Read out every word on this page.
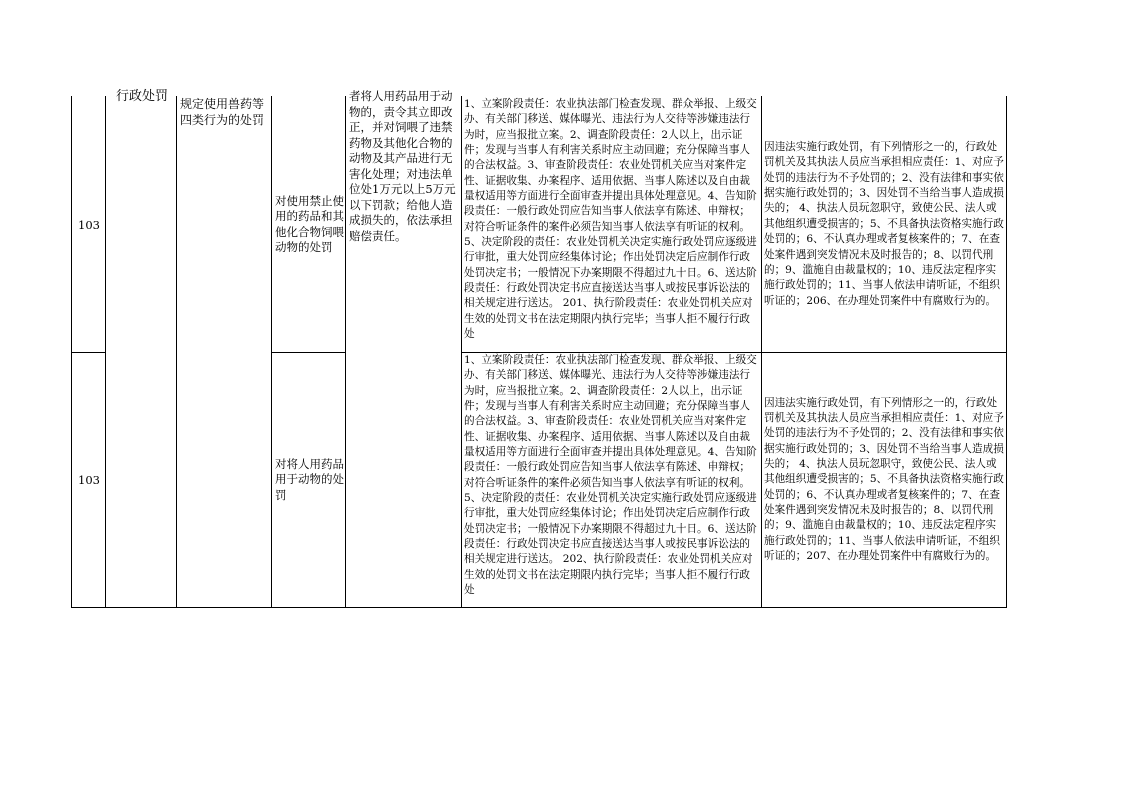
103
行政处罚 规定使用兽药等四类行为的处罚
对使用禁止使用的药品和其他化合物饲喂动物的处罚
者将人用药品用于动物的，责令其立即改正，并对饲喂了违禁药物及其他化合物的动物及其产品进行无害化处理；对违法单位处1万元以上5万元以下罚款；给他人造成损失的，依法承担赔偿责任。
1、立案阶段责任：农业执法部门检查发现、群众举报、上级交办、有关部门移送、媒体曝光、违法行为人交待等涉嫌违法行为时，应当报批立案。2、调查阶段责任：2人以上，出示证件；发现与当事人有利害关系时应主动回避；充分保障当事人的合法权益。3、审查阶段责任：农业处罚机关应当对案件定性、证据收集、办案程序、适用依据、当事人陈述以及自由裁量权适用等方面进行全面审查并提出具体处理意见。4、告知阶段责任：一般行政处罚应告知当事人依法享有陈述、申辩权；对符合听证条件的案件必须告知当事人依法享有听证的权利。5、决定阶段的责任：农业处罚机关决定实施行政处罚应逐级进行审批，重大处罚应经集体讨论；作出处罚决定后应制作行政处罚决定书；一般情况下办案期限不得超过九十日。6、送达阶段责任：行政处罚决定书应直接送达当事人或按民事诉讼法的相关规定进行送达。 201、执行阶段责任：农业处罚机关应对生效的处罚文书在法定期限内执行完毕；当事人拒不履行行政处
因违法实施行政处罚，有下列情形之一的，行政处罚机关及其执法人员应当承担相应责任：1、对应予处罚的违法行为不予处罚的；2、没有法律和事实依据实施行政处罚的；3、因处罚不当给当事人造成损失的； 4、执法人员玩忽职守，致使公民、法人或其他组织遭受损害的；5、不具备执法资格实施行政处罚的；6、不认真办理或者复核案件的；7、在查处案件遇到突发情况未及时报告的；8、以罚代刑的；9、滥施自由裁量权的；10、违反法定程序实施行政处罚的；11、当事人依法申请听证，不组织听证的；206、在办理处罚案件中有腐败行为的。
103
对将人用药品用于动物的处罚
1、立案阶段责任：农业执法部门检查发现、群众举报、上级交办、有关部门移送、媒体曝光、违法行为人交待等涉嫌违法行为时，应当报批立案。2、调查阶段责任：2人以上，出示证件；发现与当事人有利害关系时应主动回避；充分保障当事人的合法权益。3、审查阶段责任：农业处罚机关应当对案件定性、证据收集、办案程序、适用依据、当事人陈述以及自由裁量权适用等方面进行全面审查并提出具体处理意见。4、告知阶段责任：一般行政处罚应告知当事人依法享有陈述、申辩权；对符合听证条件的案件必须告知当事人依法享有听证的权利。5、决定阶段的责任：农业处罚机关决定实施行政处罚应逐级进行审批，重大处罚应经集体讨论；作出处罚决定后应制作行政处罚决定书；一般情况下办案期限不得超过九十日。6、送达阶段责任：行政处罚决定书应直接送达当事人或按民事诉讼法的相关规定进行送达。 202、执行阶段责任：农业处罚机关应对生效的处罚文书在法定期限内执行完毕；当事人拒不履行行政处
因违法实施行政处罚，有下列情形之一的，行政处罚机关及其执法人员应当承担相应责任：1、对应予处罚的违法行为不予处罚的；2、没有法律和事实依据实施行政处罚的；3、因处罚不当给当事人造成损失的； 4、执法人员玩忽职守，致使公民、法人或其他组织遭受损害的；5、不具备执法资格实施行政处罚的；6、不认真办理或者复核案件的；7、在查处案件遇到突发情况未及时报告的；8、以罚代刑的；9、滥施自由裁量权的；10、违反法定程序实施行政处罚的；11、当事人依法申请听证，不组织听证的；207、在办理处罚案件中有腐败行为的。
